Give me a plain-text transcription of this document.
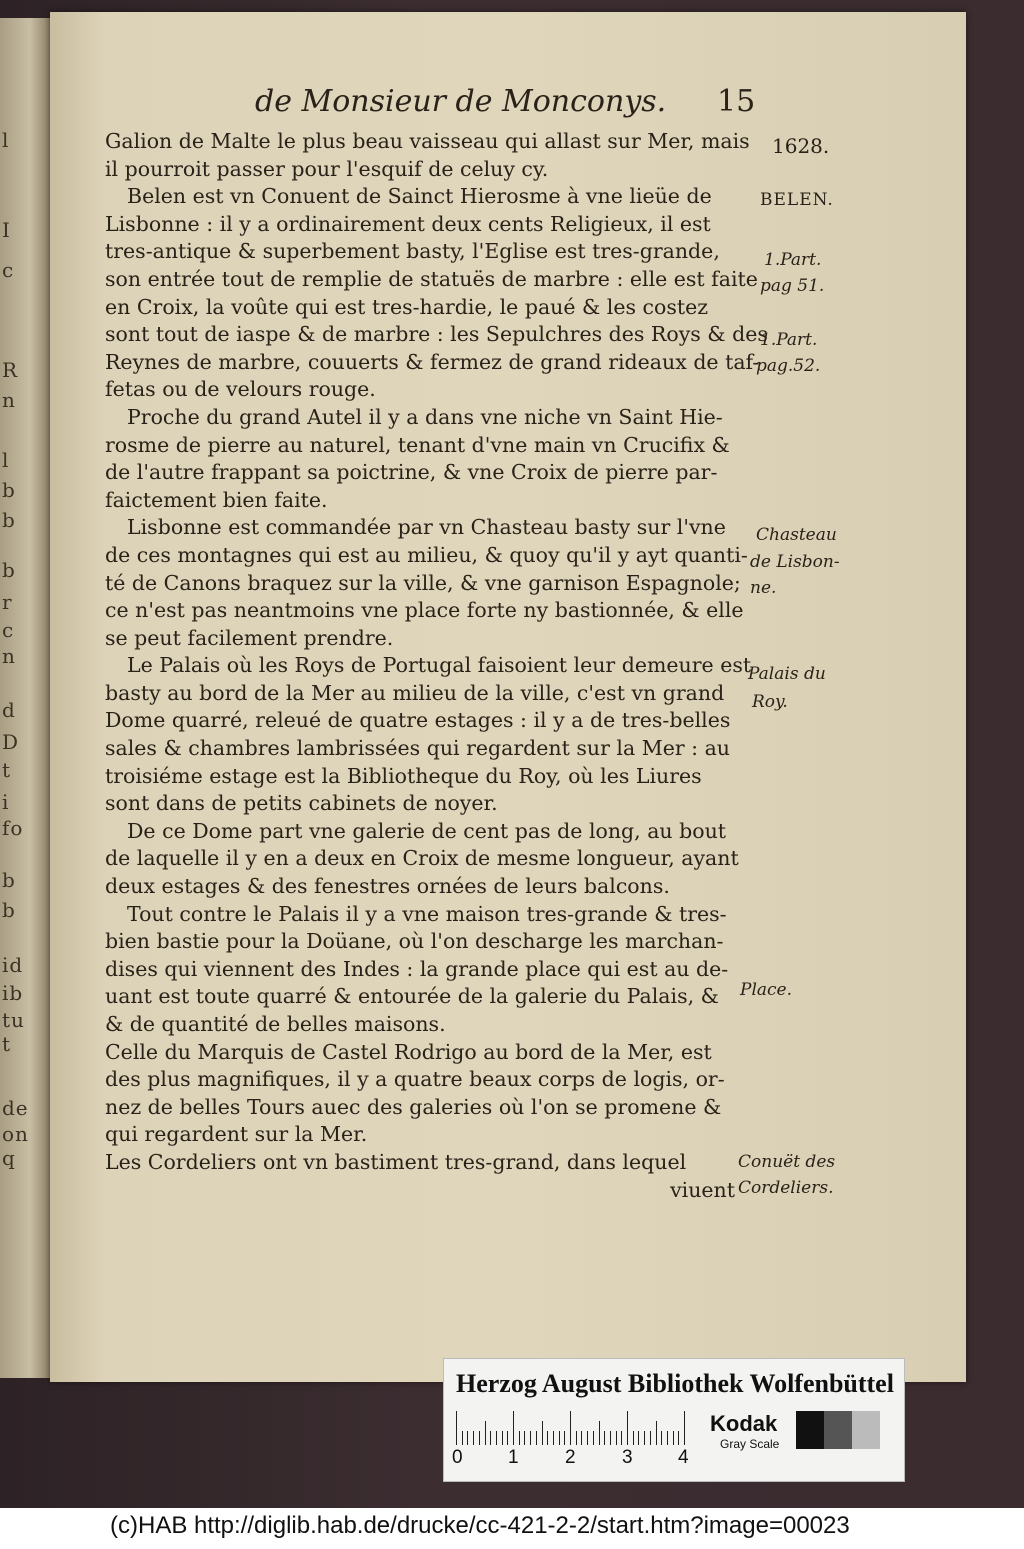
l
I
c
R
n
l
b
b
b
r
c
n
d
D
t
i
fo
b
b
id
ib
tu
t
de
on
q
de Monsieur de Monconys. 15
Galion de Malte le plus beau vaisseau qui allast sur Mer, mais
il pourroit passer pour l'esquif de celuy cy.
Belen est vn Conuent de Sainct Hierosme à vne lieüe de
Lisbonne : il y a ordinairement deux cents Religieux, il est
tres-antique & superbement basty, l'Eglise est tres-grande,
son entrée tout de remplie de statuës de marbre : elle est faite
en Croix, la voûte qui est tres-hardie, le paué & les costez
sont tout de iaspe & de marbre : les Sepulchres des Roys & des
Reynes de marbre, couuerts & fermez de grand rideaux de taf-
fetas ou de velours rouge.
Proche du grand Autel il y a dans vne niche vn Saint Hie-
rosme de pierre au naturel, tenant d'vne main vn Crucifix &
de l'autre frappant sa poictrine, & vne Croix de pierre par-
faictement bien faite.
Lisbonne est commandée par vn Chasteau basty sur l'vne
de ces montagnes qui est au milieu, & quoy qu'il y ayt quanti-
té de Canons braquez sur la ville, & vne garnison Espagnole;
ce n'est pas neantmoins vne place forte ny bastionnée, & elle
se peut facilement prendre.
Le Palais où les Roys de Portugal faisoient leur demeure est
basty au bord de la Mer au milieu de la ville, c'est vn grand
Dome quarré, releué de quatre estages : il y a de tres-belles
sales & chambres lambrissées qui regardent sur la Mer : au
troisiéme estage est la Bibliotheque du Roy, où les Liures
sont dans de petits cabinets de noyer.
De ce Dome part vne galerie de cent pas de long, au bout
de laquelle il y en a deux en Croix de mesme longueur, ayant
deux estages & des fenestres ornées de leurs balcons.
Tout contre le Palais il y a vne maison tres-grande & tres-
bien bastie pour la Doüane, où l'on descharge les marchan-
dises qui viennent des Indes : la grande place qui est au de-
uant est toute quarré & entourée de la galerie du Palais, &
& de quantité de belles maisons.
Celle du Marquis de Castel Rodrigo au bord de la Mer, est
des plus magnifiques, il y a quatre beaux corps de logis, or-
nez de belles Tours auec des galeries où l'on se promene &
qui regardent sur la Mer.
Les Cordeliers ont vn bastiment tres-grand, dans lequel
viuent
1628.
BELEN.
1.Part.
pag 51.
1.Part.
pag.52.
Chasteau
de Lisbon-
ne.
Palais du
Roy.
Place.
Conuët des
Cordeliers.
Herzog August Bibliothek Wolfenbüttel
0 1 2 3 4
Kodak
Gray Scale
(c)HAB http://diglib.hab.de/drucke/cc-421-2-2/start.htm?image=00023
